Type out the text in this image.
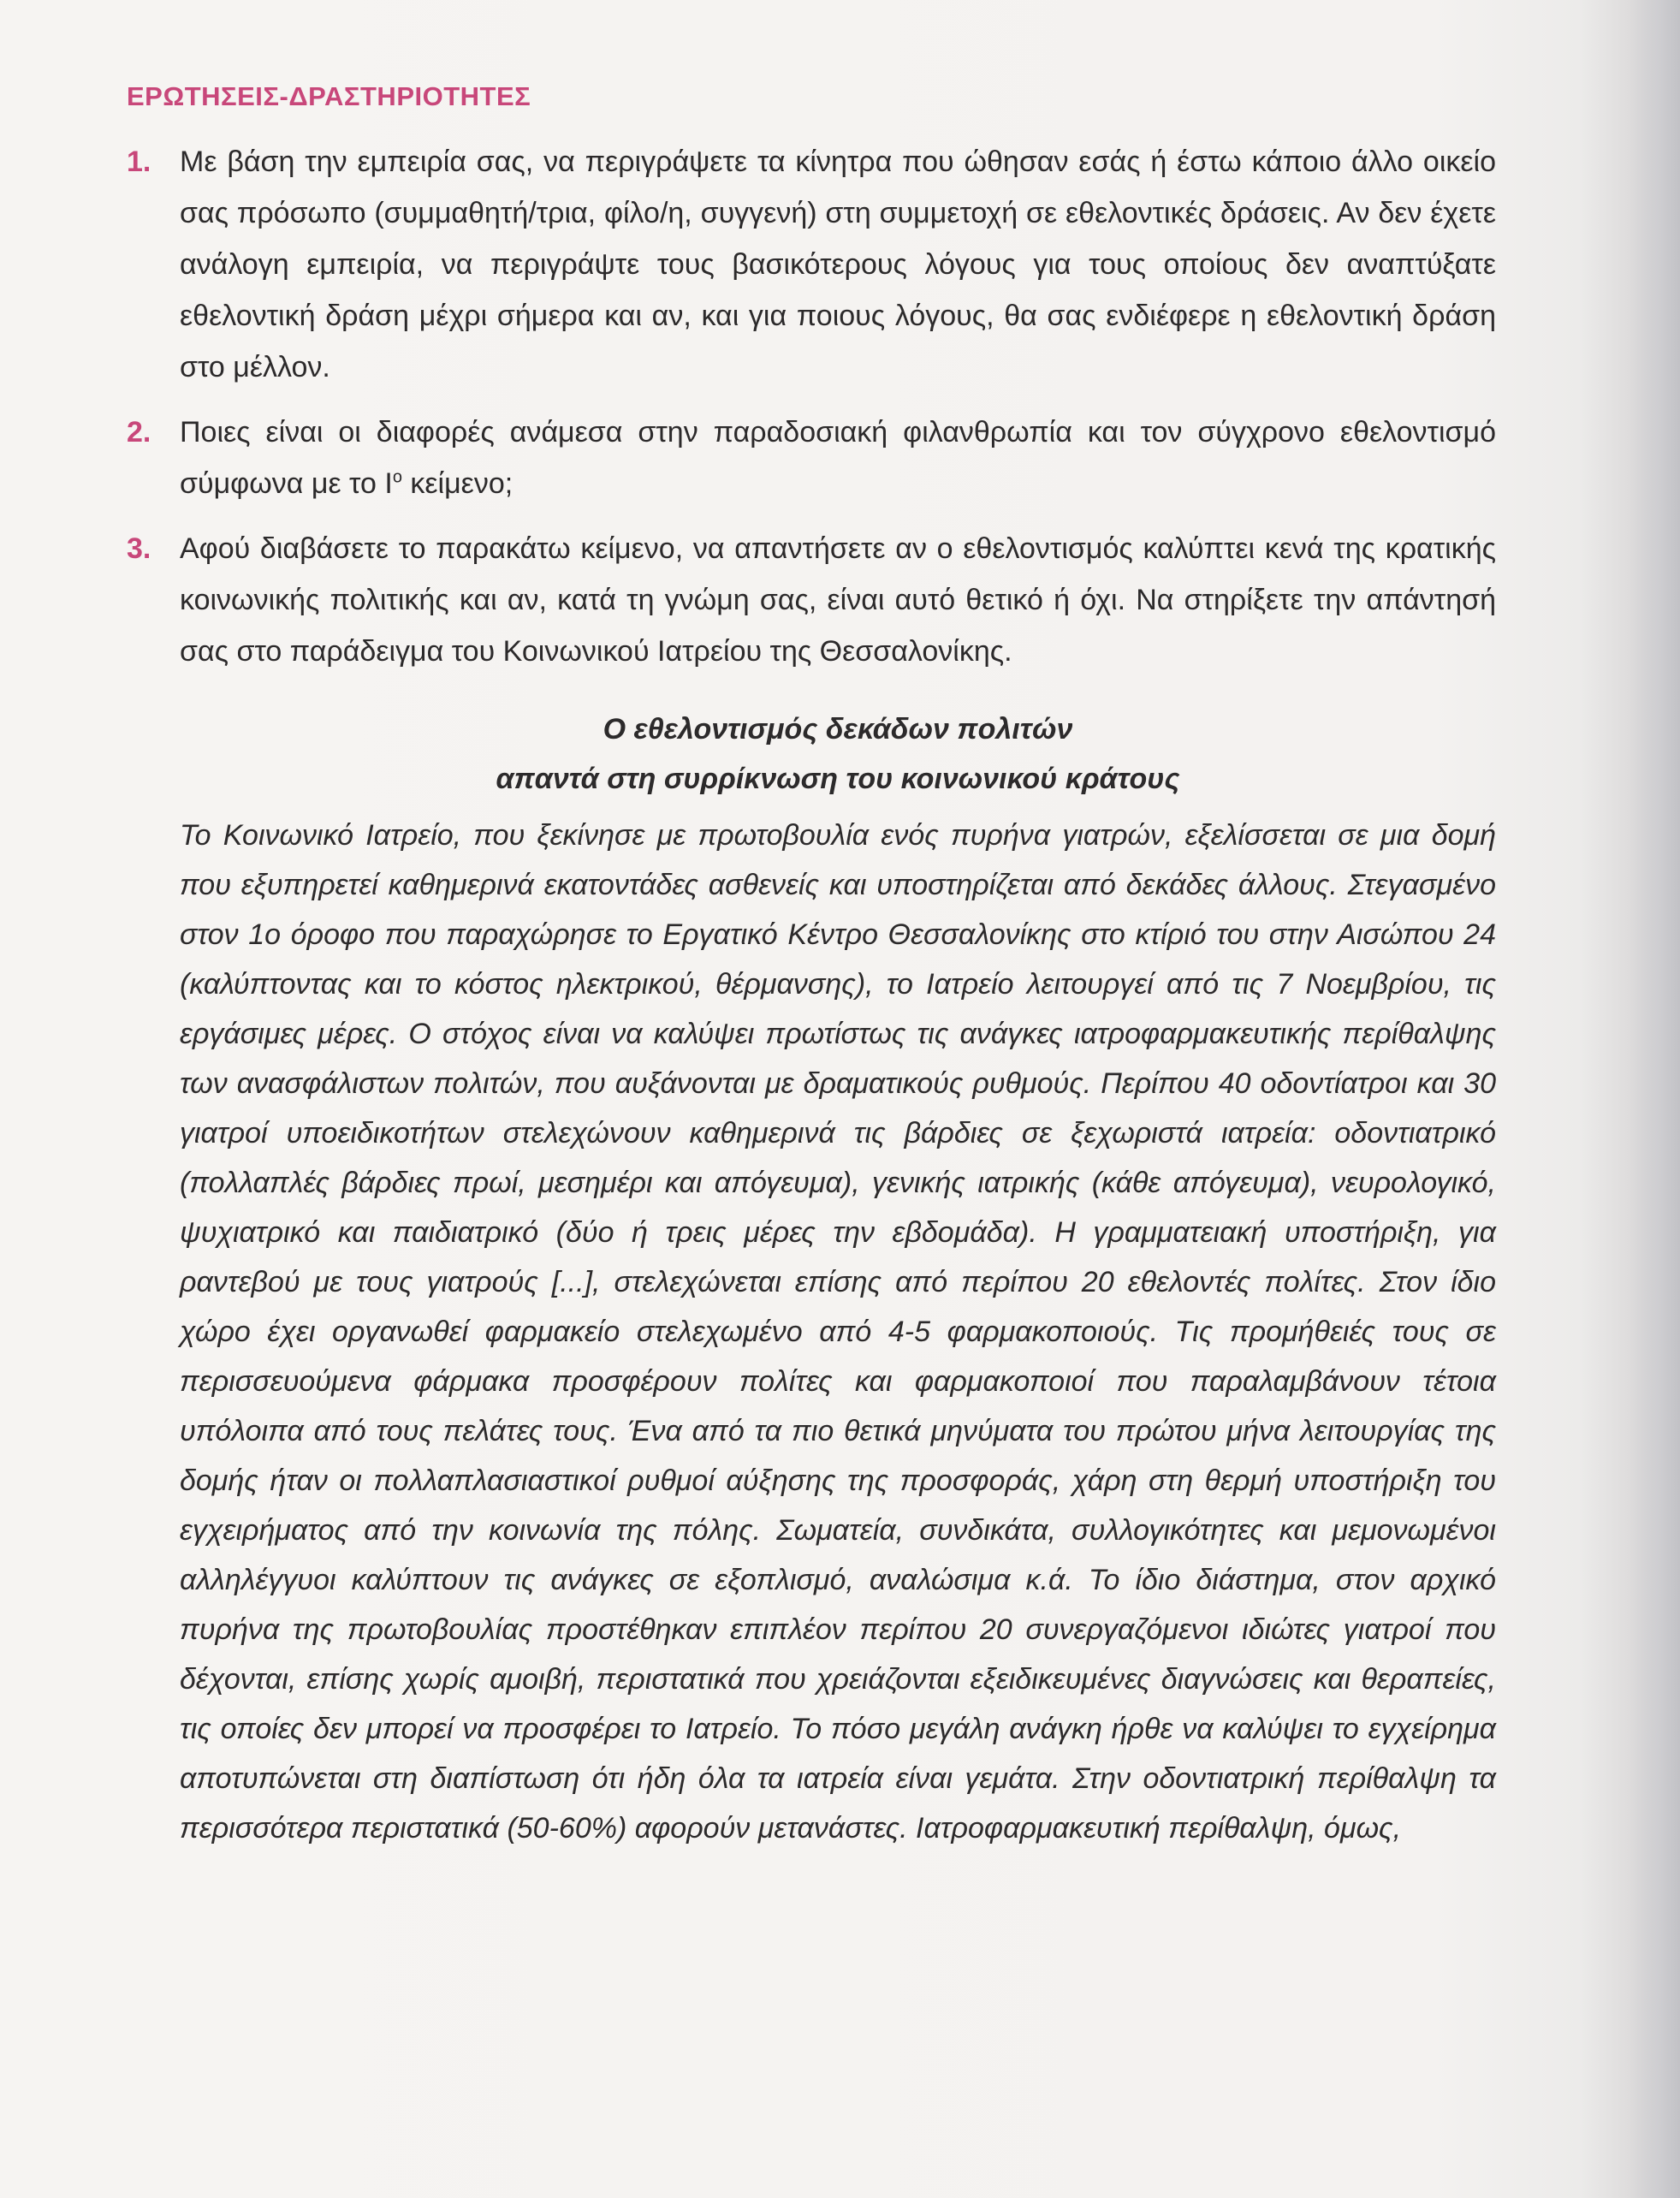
ΕΡΩΤΗΣΕΙΣ-ΔΡΑΣΤΗΡΙΟΤΗΤΕΣ
1. Με βάση την εμπειρία σας, να περιγράψετε τα κίνητρα που ώθησαν εσάς ή έστω κάποιο άλλο οικείο σας πρόσωπο (συμμαθητή/τρια, φίλο/η, συγγενή) στη συμμετοχή σε εθελοντικές δράσεις. Αν δεν έχετε ανάλογη εμπειρία, να περιγράψτε τους βασικότερους λόγους για τους οποίους δεν αναπτύξατε εθελοντική δράση μέχρι σήμερα και αν, και για ποιους λόγους, θα σας ενδιέφερε η εθελοντική δράση στο μέλλον.
2. Ποιες είναι οι διαφορές ανάμεσα στην παραδοσιακή φιλανθρωπία και τον σύγχρονο εθελοντισμό σύμφωνα με το $I^o$ κείμενο;
3. Αφού διαβάσετε το παρακάτω κείμενο, να απαντήσετε αν ο εθελοντισμός καλύπτει κενά της κρατικής κοινωνικής πολιτικής και αν, κατά τη γνώμη σας, είναι αυτό θετικό ή όχι. Να στηρίξετε την απάντησή σας στο παράδειγμα του Κοινωνικού Ιατρείου της Θεσσαλονίκης.
Ο εθελοντισμός δεκάδων πολιτών
απαντά στη συρρίκνωση του κοινωνικού κράτους
Το Κοινωνικό Ιατρείο, που ξεκίνησε με πρωτοβουλία ενός πυρήνα γιατρών, εξελίσσεται σε μια δομή που εξυπηρετεί καθημερινά εκατοντάδες ασθενείς και υποστηρίζεται από δεκάδες άλλους. Στεγασμένο στον 1ο όροφο που παραχώρησε το Εργατικό Κέντρο Θεσσαλονίκης στο κτίριό του στην Αισώπου 24 (καλύπτοντας και το κόστος ηλεκτρικού, θέρμανσης), το Ιατρείο λειτουργεί από τις 7 Νοεμβρίου, τις εργάσιμες μέρες. Ο στόχος είναι να καλύψει πρωτίστως τις ανάγκες ιατροφαρμακευτικής περίθαλψης των ανασφάλιστων πολιτών, που αυξάνονται με δραματικούς ρυθμούς. Περίπου 40 οδοντίατροι και 30 γιατροί υποειδικοτήτων στελεχώνουν καθημερινά τις βάρδιες σε ξεχωριστά ιατρεία: οδοντιατρικό (πολλαπλές βάρδιες πρωί, μεσημέρι και απόγευμα), γενικής ιατρικής (κάθε απόγευμα), νευρολογικό, ψυχιατρικό και παιδιατρικό (δύο ή τρεις μέρες την εβδομάδα). Η γραμματειακή υποστήριξη, για ραντεβού με τους γιατρούς [...], στελεχώνεται επίσης από περίπου 20 εθελοντές πολίτες. Στον ίδιο χώρο έχει οργανωθεί φαρμακείο στελεχωμένο από 4-5 φαρμακοποιούς. Τις προμήθειές τους σε περισσευούμενα φάρμακα προσφέρουν πολίτες και φαρμακοποιοί που παραλαμβάνουν τέτοια υπόλοιπα από τους πελάτες τους. Ένα από τα πιο θετικά μηνύματα του πρώτου μήνα λειτουργίας της δομής ήταν οι πολλαπλασιαστικοί ρυθμοί αύξησης της προσφοράς, χάρη στη θερμή υποστήριξη του εγχειρήματος από την κοινωνία της πόλης. Σωματεία, συνδικάτα, συλλογικότητες και μεμονωμένοι αλληλέγγυοι καλύπτουν τις ανάγκες σε εξοπλισμό, αναλώσιμα κ.ά. Το ίδιο διάστημα, στον αρχικό πυρήνα της πρωτοβουλίας προστέθηκαν επιπλέον περίπου 20 συνεργαζόμενοι ιδιώτες γιατροί που δέχονται, επίσης χωρίς αμοιβή, περιστατικά που χρειάζονται εξειδικευμένες διαγνώσεις και θεραπείες, τις οποίες δεν μπορεί να προσφέρει το Ιατρείο. Το πόσο μεγάλη ανάγκη ήρθε να καλύψει το εγχείρημα αποτυπώνεται στη διαπίστωση ότι ήδη όλα τα ιατρεία είναι γεμάτα. Στην οδοντιατρική περίθαλψη τα περισσότερα περιστατικά (50-60%) αφορούν μετανάστες. Ιατροφαρμακευτική περίθαλψη, όμως,
